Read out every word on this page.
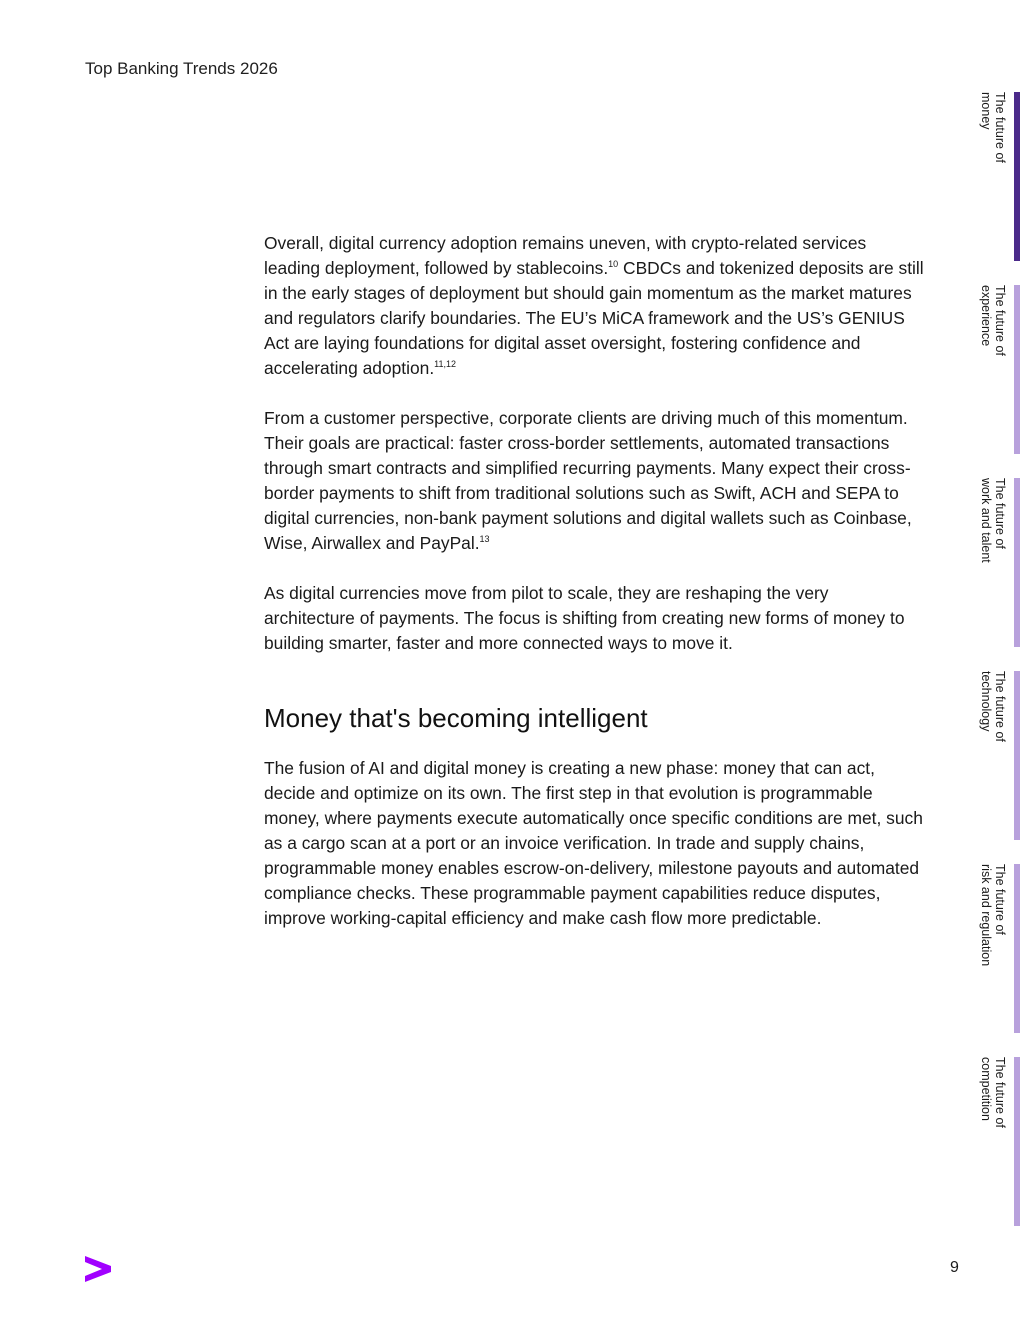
Top Banking Trends 2026

Overall, digital currency adoption remains uneven, with crypto-related services leading deployment, followed by stablecoins.$^{10}$ CBDCs and tokenized deposits are still in the early stages of deployment but should gain momentum as the market matures and regulators clarify boundaries. The EU’s MiCA framework and the US’s GENIUS Act are laying foundations for digital asset oversight, fostering confidence and accelerating adoption.$^{11,12}$

From a customer perspective, corporate clients are driving much of this momentum. Their goals are practical: faster cross-border settlements, automated transactions through smart contracts and simplified recurring payments. Many expect their cross-border payments to shift from traditional solutions such as Swift, ACH and SEPA to digital currencies, non-bank payment solutions and digital wallets such as Coinbase, Wise, Airwallex and PayPal.$^{13}$

As digital currencies move from pilot to scale, they are reshaping the very architecture of payments. The focus is shifting from creating new forms of money to building smarter, faster and more connected ways to move it.

Money that's becoming intelligent

The fusion of AI and digital money is creating a new phase: money that can act, decide and optimize on its own. The first step in that evolution is programmable money, where payments execute automatically once specific conditions are met, such as a cargo scan at a port or an invoice verification. In trade and supply chains, programmable money enables escrow-on-delivery, milestone payouts and automated compliance checks. These programmable payment capabilities reduce disputes, improve working-capital efficiency and make cash flow more predictable.

The future of
money
The future of
experience
The future of
work and talent
The future of
technology
The future of
risk and regulation
The future of
competition
9
